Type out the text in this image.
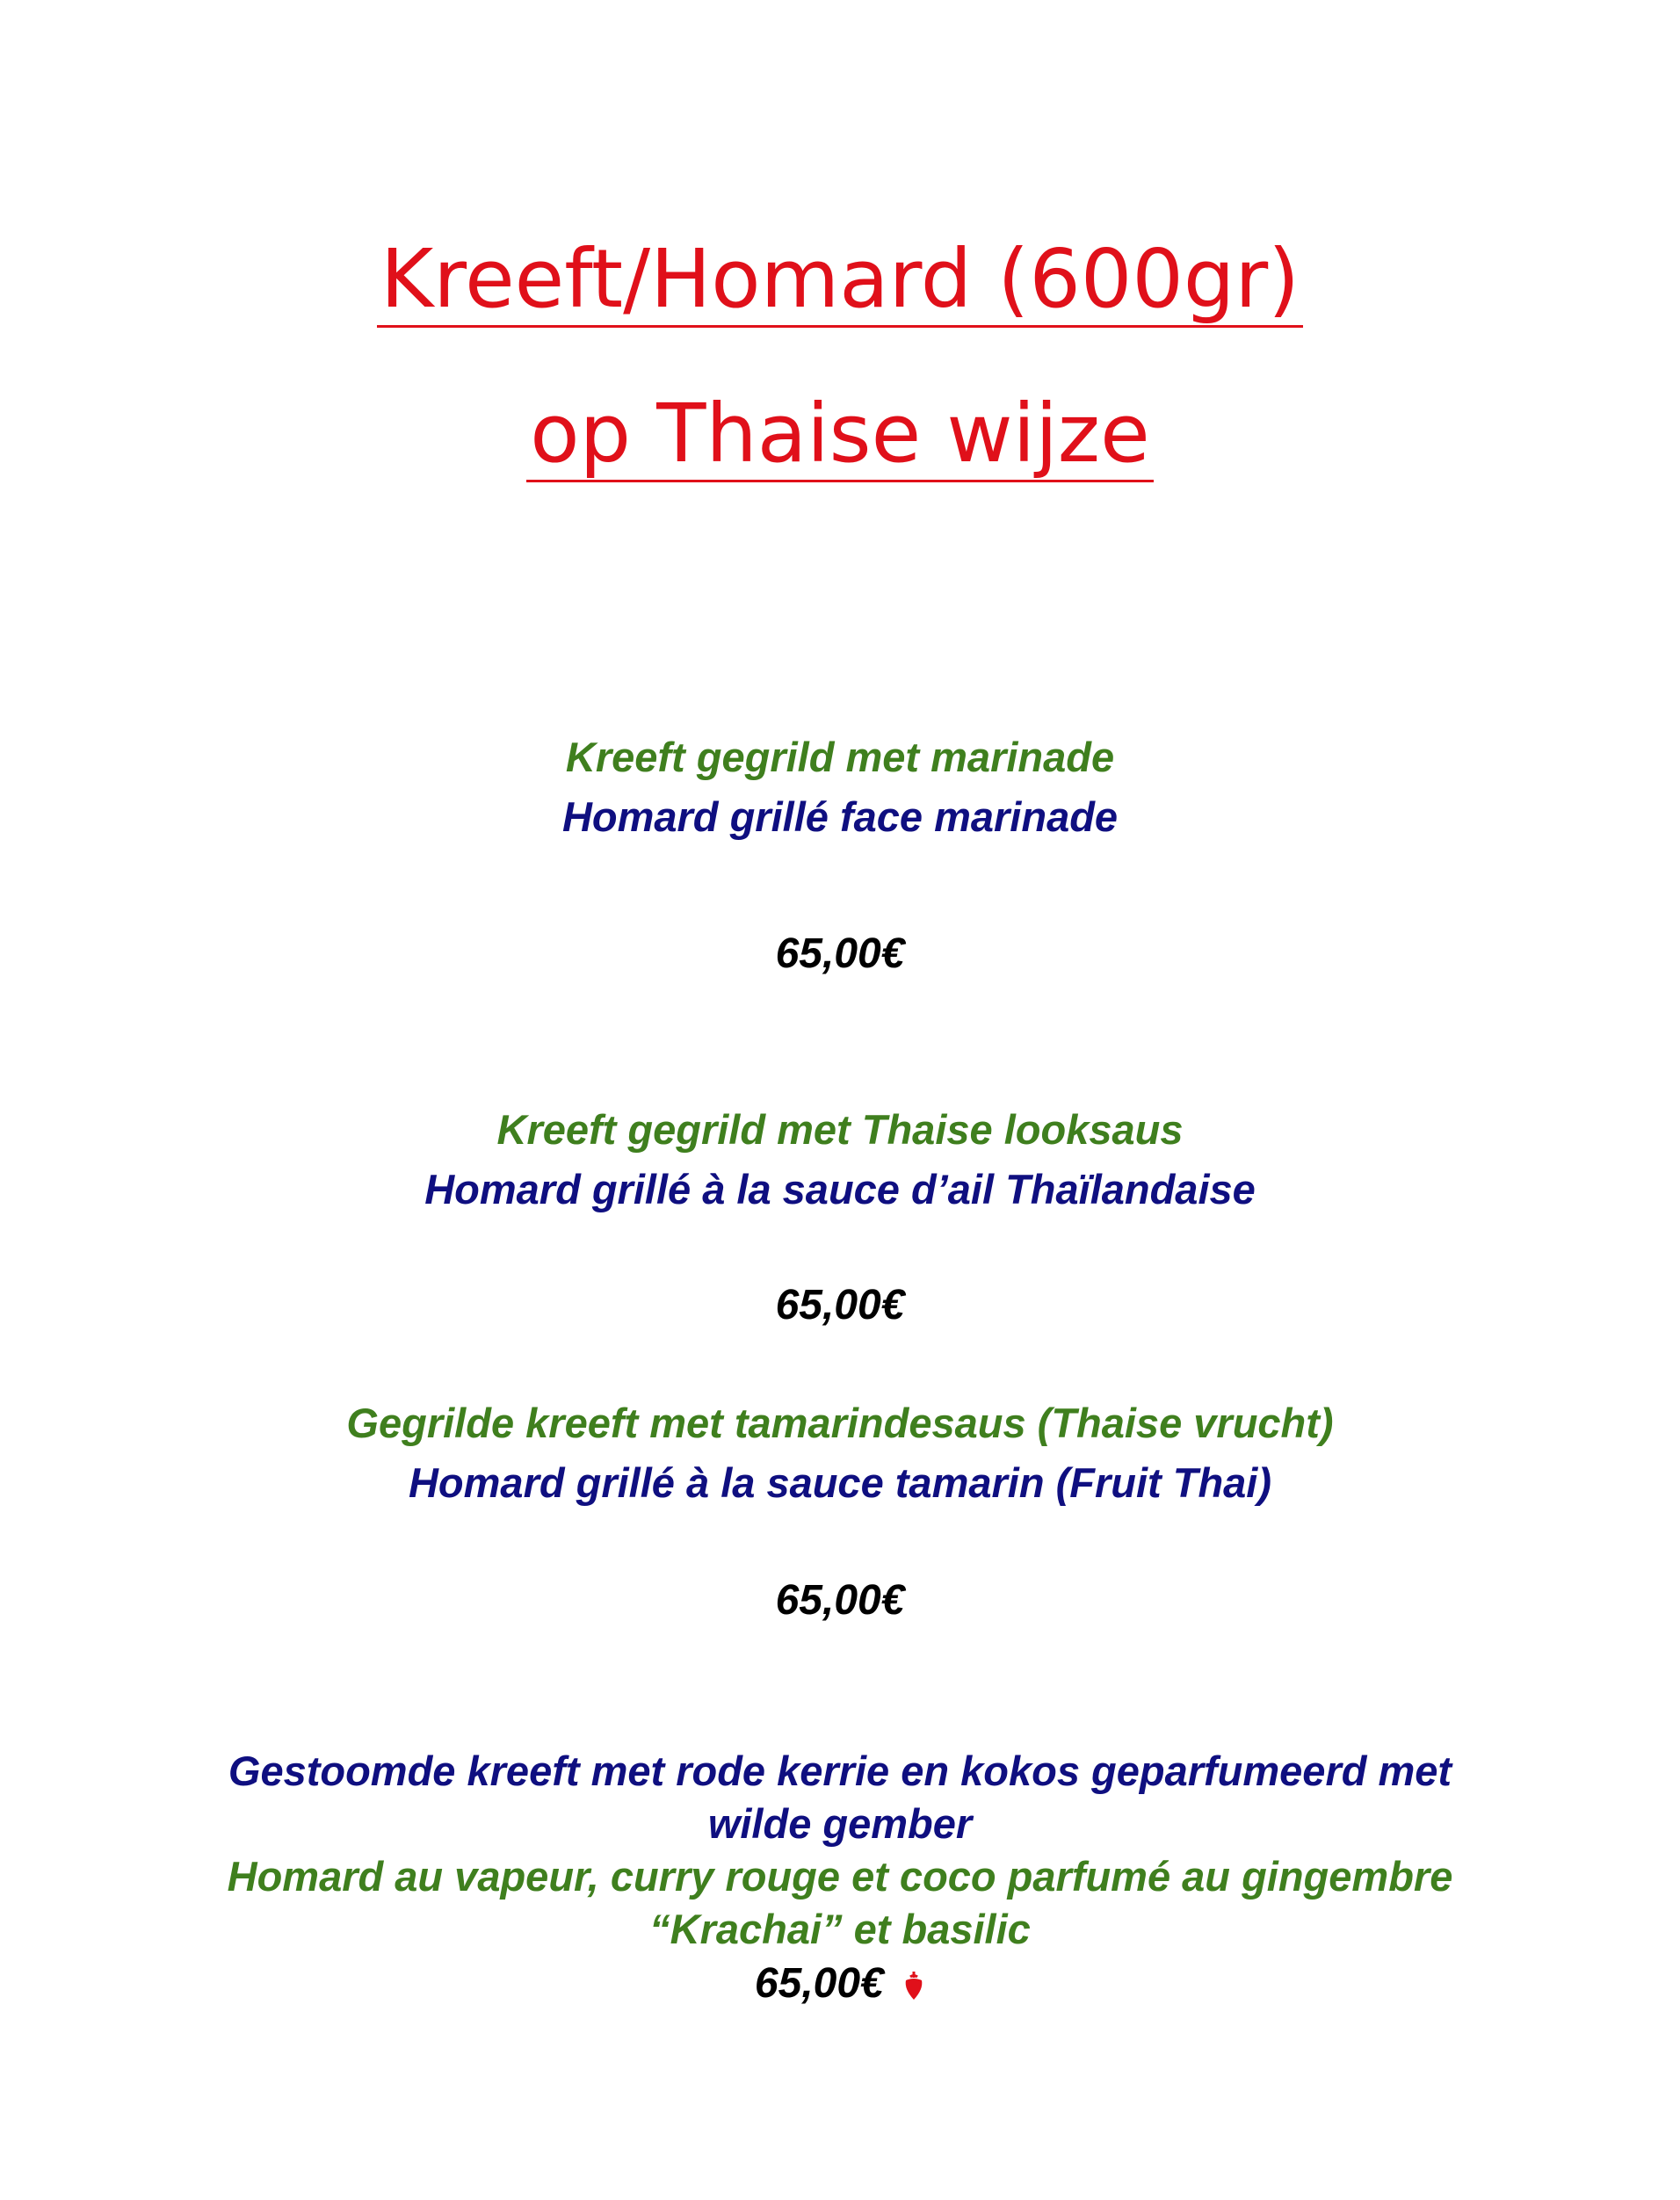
Kreeft/Homard (600gr)
op Thaise wijze
Kreeft gegrild met marinade
Homard grillé face marinade
65,00€
Kreeft gegrild met Thaise looksaus
Homard grillé à la sauce d’ail Thaïlandaise
65,00€
Gegrilde kreeft met tamarindesaus (Thaise vrucht)
Homard grillé à la sauce tamarin (Fruit Thai)
65,00€
Gestoomde kreeft met rode kerrie en kokos geparfumeerd met
wilde gember
Homard au vapeur, curry rouge et coco parfumé au gingembre
“Krachai” et basilic
65,00€
